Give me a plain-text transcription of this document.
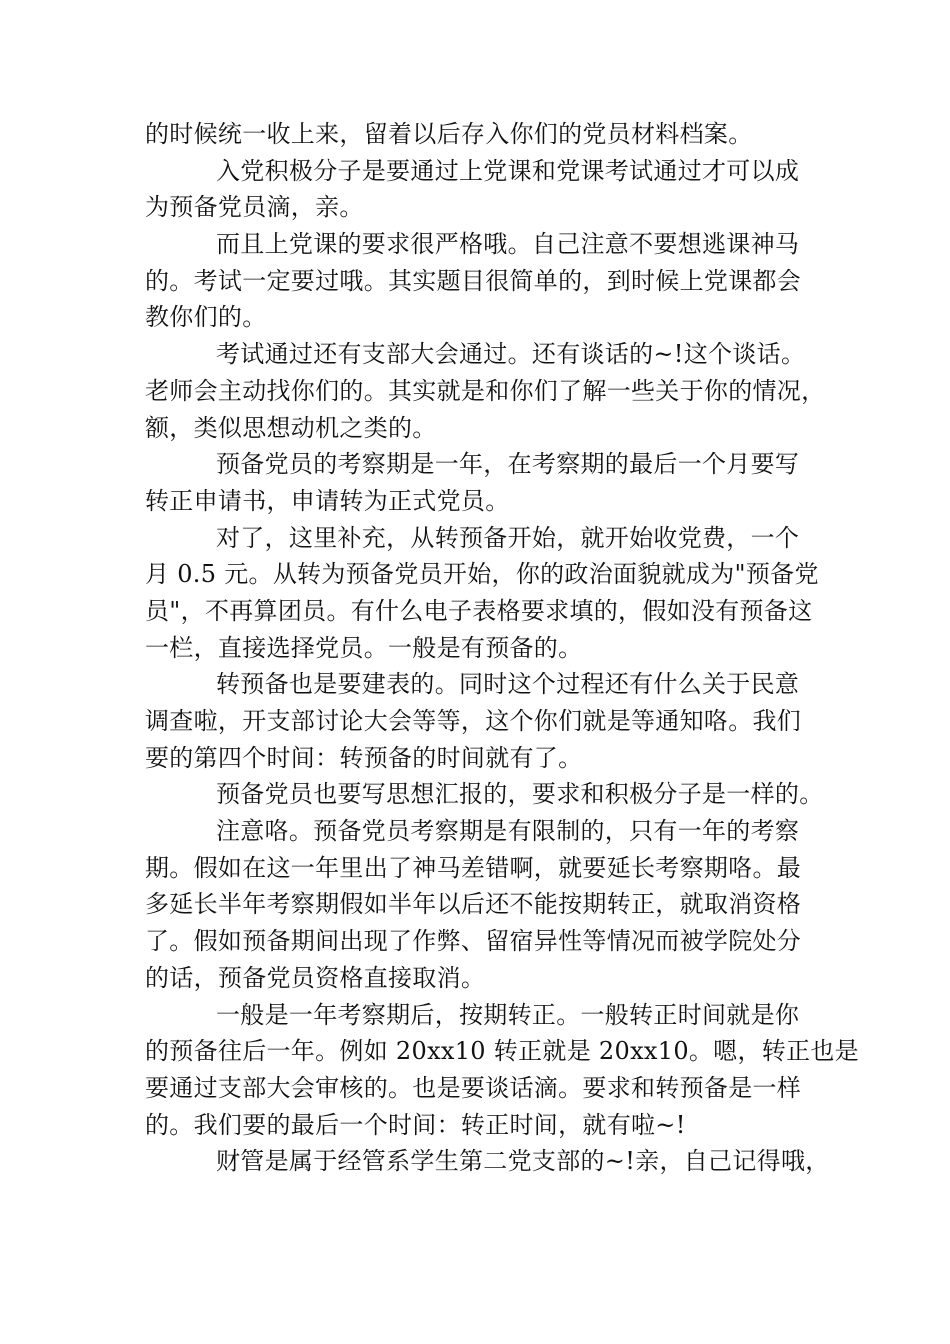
的时候统一收上来，留着以后存入你们的党员材料档案。
入党积极分子是要通过上党课和党课考试通过才可以成
为预备党员滴，亲。
而且上党课的要求很严格哦。自己注意不要想逃课神马
的。考试一定要过哦。其实题目很简单的，到时候上党课都会
教你们的。
考试通过还有支部大会通过。还有谈话的~!这个谈话。
老师会主动找你们的。其实就是和你们了解一些关于你的情况，
额，类似思想动机之类的。
预备党员的考察期是一年，在考察期的最后一个月要写
转正申请书，申请转为正式党员。
对了，这里补充，从转预备开始，就开始收党费，一个
月 0.5 元。从转为预备党员开始，你的政治面貌就成为"预备党
员"，不再算团员。有什么电子表格要求填的，假如没有预备这
一栏，直接选择党员。一般是有预备的。
转预备也是要建表的。同时这个过程还有什么关于民意
调查啦，开支部讨论大会等等，这个你们就是等通知咯。我们
要的第四个时间：转预备的时间就有了。
预备党员也要写思想汇报的，要求和积极分子是一样的。
注意咯。预备党员考察期是有限制的，只有一年的考察
期。假如在这一年里出了神马差错啊，就要延长考察期咯。最
多延长半年考察期假如半年以后还不能按期转正，就取消资格
了。假如预备期间出现了作弊、留宿异性等情况而被学院处分
的话，预备党员资格直接取消。
一般是一年考察期后，按期转正。一般转正时间就是你
的预备往后一年。例如 20xx10 转正就是 20xx10。嗯，转正也是
要通过支部大会审核的。也是要谈话滴。要求和转预备是一样
的。我们要的最后一个时间：转正时间，就有啦~!
财管是属于经管系学生第二党支部的~!亲，自己记得哦，
